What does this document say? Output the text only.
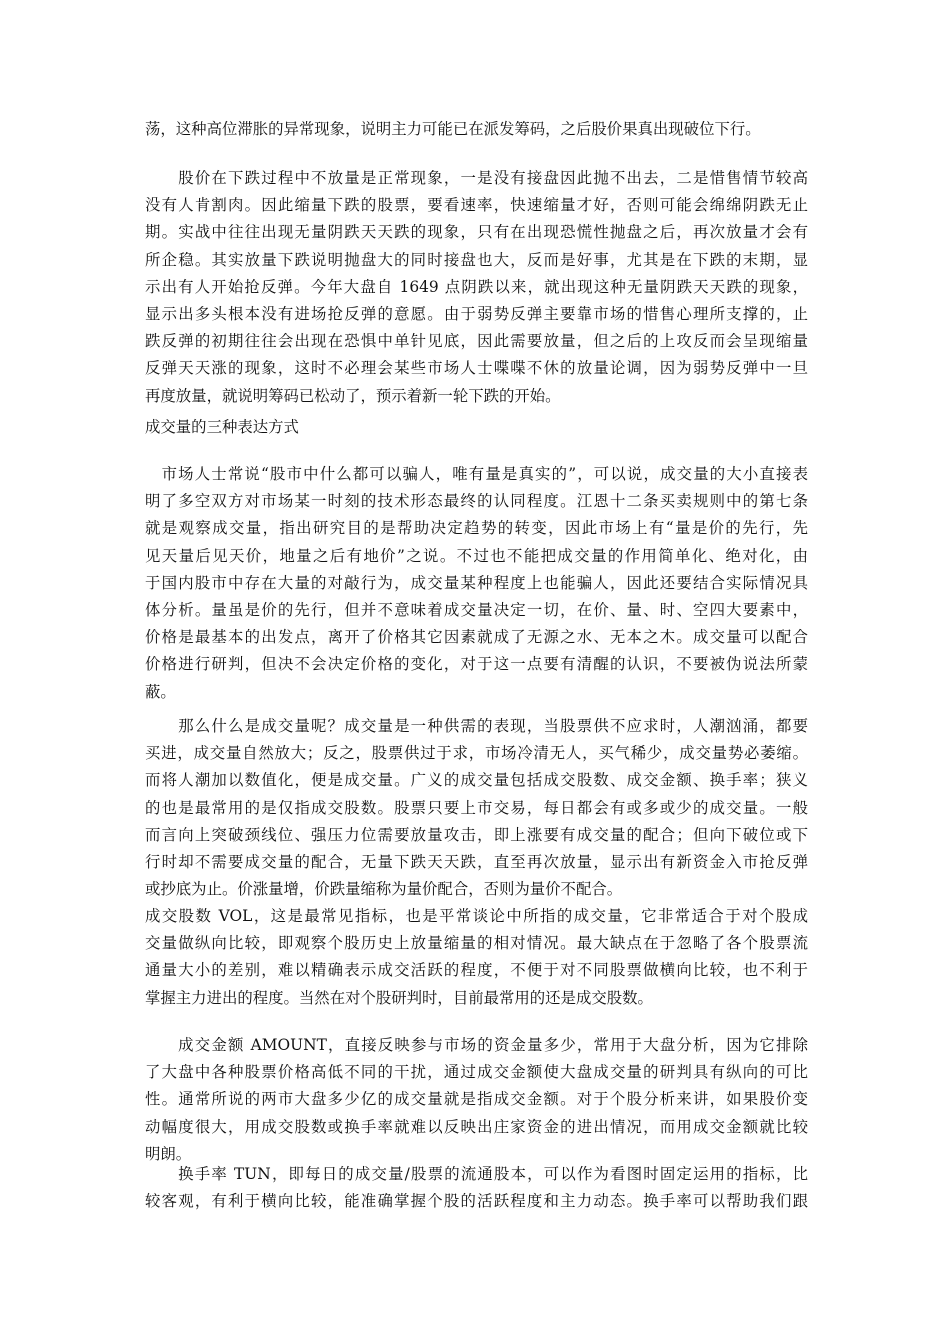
荡，这种高位滞胀的异常现象，说明主力可能已在派发筹码，之后股价果真出现破位下行。
　　股价在下跌过程中不放量是正常现象，一是没有接盘因此抛不出去，二是惜售情节较高
没有人肯割肉。因此缩量下跌的股票，要看速率，快速缩量才好，否则可能会绵绵阴跌无止
期。实战中往往出现无量阴跌天天跌的现象，只有在出现恐慌性抛盘之后，再次放量才会有
所企稳。其实放量下跌说明抛盘大的同时接盘也大，反而是好事，尤其是在下跌的末期，显
示出有人开始抢反弹。今年大盘自 1649 点阴跌以来，就出现这种无量阴跌天天跌的现象，
显示出多头根本没有进场抢反弹的意愿。由于弱势反弹主要靠市场的惜售心理所支撑的，止
跌反弹的初期往往会出现在恐惧中单针见底，因此需要放量，但之后的上攻反而会呈现缩量
反弹天天涨的现象，这时不必理会某些市场人士喋喋不休的放量论调，因为弱势反弹中一旦
再度放量，就说明筹码已松动了，预示着新一轮下跌的开始。
成交量的三种表达方式
　市场人士常说“股市中什么都可以骗人，唯有量是真实的”，可以说，成交量的大小直接表
明了多空双方对市场某一时刻的技术形态最终的认同程度。江恩十二条买卖规则中的第七条
就是观察成交量，指出研究目的是帮助决定趋势的转变，因此市场上有“量是价的先行，先
见天量后见天价，地量之后有地价”之说。不过也不能把成交量的作用简单化、绝对化，由
于国内股市中存在大量的对敲行为，成交量某种程度上也能骗人，因此还要结合实际情况具
体分析。量虽是价的先行，但并不意味着成交量决定一切，在价、量、时、空四大要素中，
价格是最基本的出发点，离开了价格其它因素就成了无源之水、无本之木。成交量可以配合
价格进行研判，但决不会决定价格的变化，对于这一点要有清醒的认识，不要被伪说法所蒙
蔽。
　　那么什么是成交量呢？成交量是一种供需的表现，当股票供不应求时，人潮汹涌，都要
买进，成交量自然放大；反之，股票供过于求，市场冷清无人，买气稀少，成交量势必萎缩。
而将人潮加以数值化，便是成交量。广义的成交量包括成交股数、成交金额、换手率；狭义
的也是最常用的是仅指成交股数。股票只要上市交易，每日都会有或多或少的成交量。一般
而言向上突破颈线位、强压力位需要放量攻击，即上涨要有成交量的配合；但向下破位或下
行时却不需要成交量的配合，无量下跌天天跌，直至再次放量，显示出有新资金入市抢反弹
或抄底为止。价涨量增，价跌量缩称为量价配合，否则为量价不配合。
成交股数 VOL，这是最常见指标，也是平常谈论中所指的成交量，它非常适合于对个股成
交量做纵向比较，即观察个股历史上放量缩量的相对情况。最大缺点在于忽略了各个股票流
通量大小的差别，难以精确表示成交活跃的程度，不便于对不同股票做横向比较，也不利于
掌握主力进出的程度。当然在对个股研判时，目前最常用的还是成交股数。
　　成交金额 AMOUNT，直接反映参与市场的资金量多少，常用于大盘分析，因为它排除
了大盘中各种股票价格高低不同的干扰，通过成交金额使大盘成交量的研判具有纵向的可比
性。通常所说的两市大盘多少亿的成交量就是指成交金额。对于个股分析来讲，如果股价变
动幅度很大，用成交股数或换手率就难以反映出庄家资金的进出情况，而用成交金额就比较
明朗。
　　换手率 TUN，即每日的成交量/股票的流通股本，可以作为看图时固定运用的指标，比
较客观，有利于横向比较，能准确掌握个股的活跃程度和主力动态。换手率可以帮助我们跟
